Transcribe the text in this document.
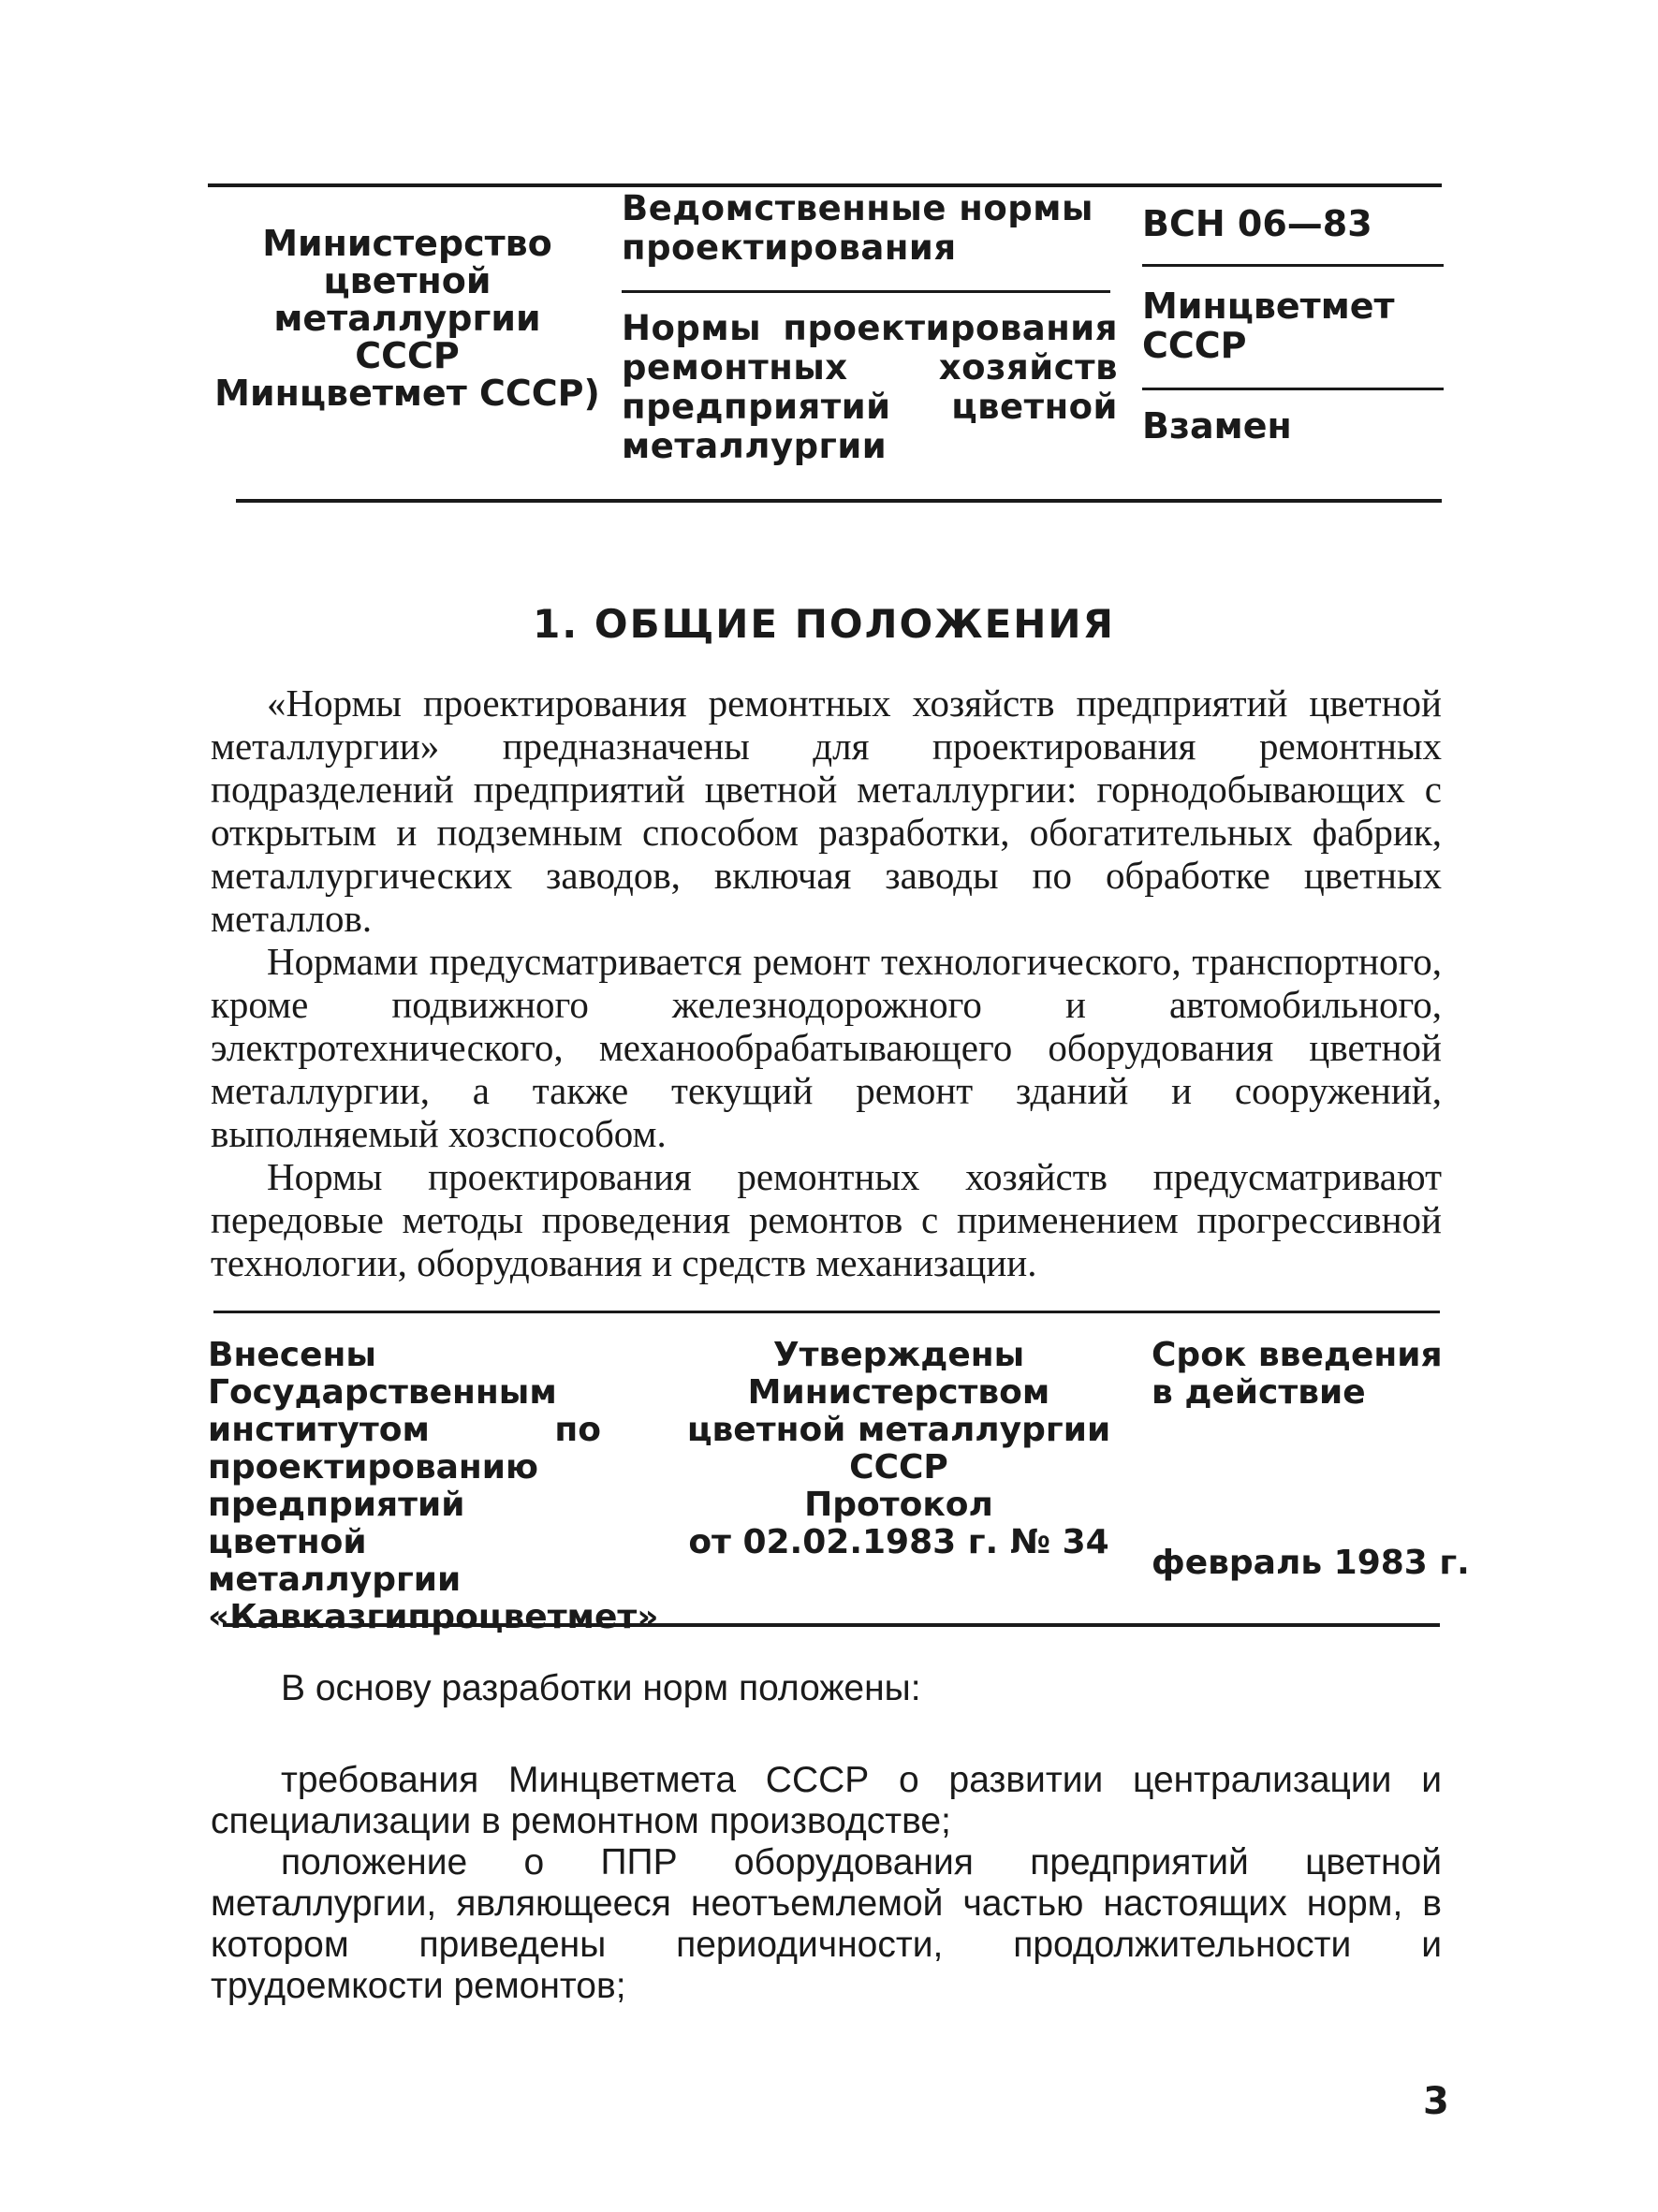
Министерство
цветной
металлургии
СССР
Минцветмет СССР)
Ведомственные нормы проектирования
Нормы проектирования ремонтных хозяйств предприятий цветной металлургии
ВСН 06—83
Минцветмет СССР
Взамен
1. ОБЩИЕ ПОЛОЖЕНИЯ

«Нормы проектирования ремонтных хозяйств предприятий цветной металлургии» предназначены для проектирования ремонтных подразделений предприятий цветной металлургии: горнодобывающих с открытым и подземным способом разработки, обогатительных фабрик, металлургических заводов, включая заводы по обработке цветных металлов.

Нормами предусматривается ремонт технологического, транспортного, кроме подвижного железнодорожного и автомобильного, электротехнического, механообрабатывающего оборудования цветной металлургии, а также текущий ремонт зданий и сооружений, выполняемый хозспособом.

Нормы проектирования ремонтных хозяйств предусматривают передовые методы проведения ремонтов с применением прогрессивной технологии, оборудования и средств механизации.

Внесены Государственным институтом по проектированию предприятий цветной металлургии «Кавказгипроцветмет»
Утверждены
Министерством
цветной металлургии
СССР
Протокол
от 02.02.1983 г. № 34
Срок введения в действие
февраль 1983 г.

В основу разработки норм положены:

требования Минцветмета СССР о развитии централизации и специализации в ремонтном производстве;

положение о ППР оборудования предприятий цветной металлургии, являющееся неотъемлемой частью настоящих норм, в котором приведены периодичности, продолжительности и трудоемкости ремонтов;

3
